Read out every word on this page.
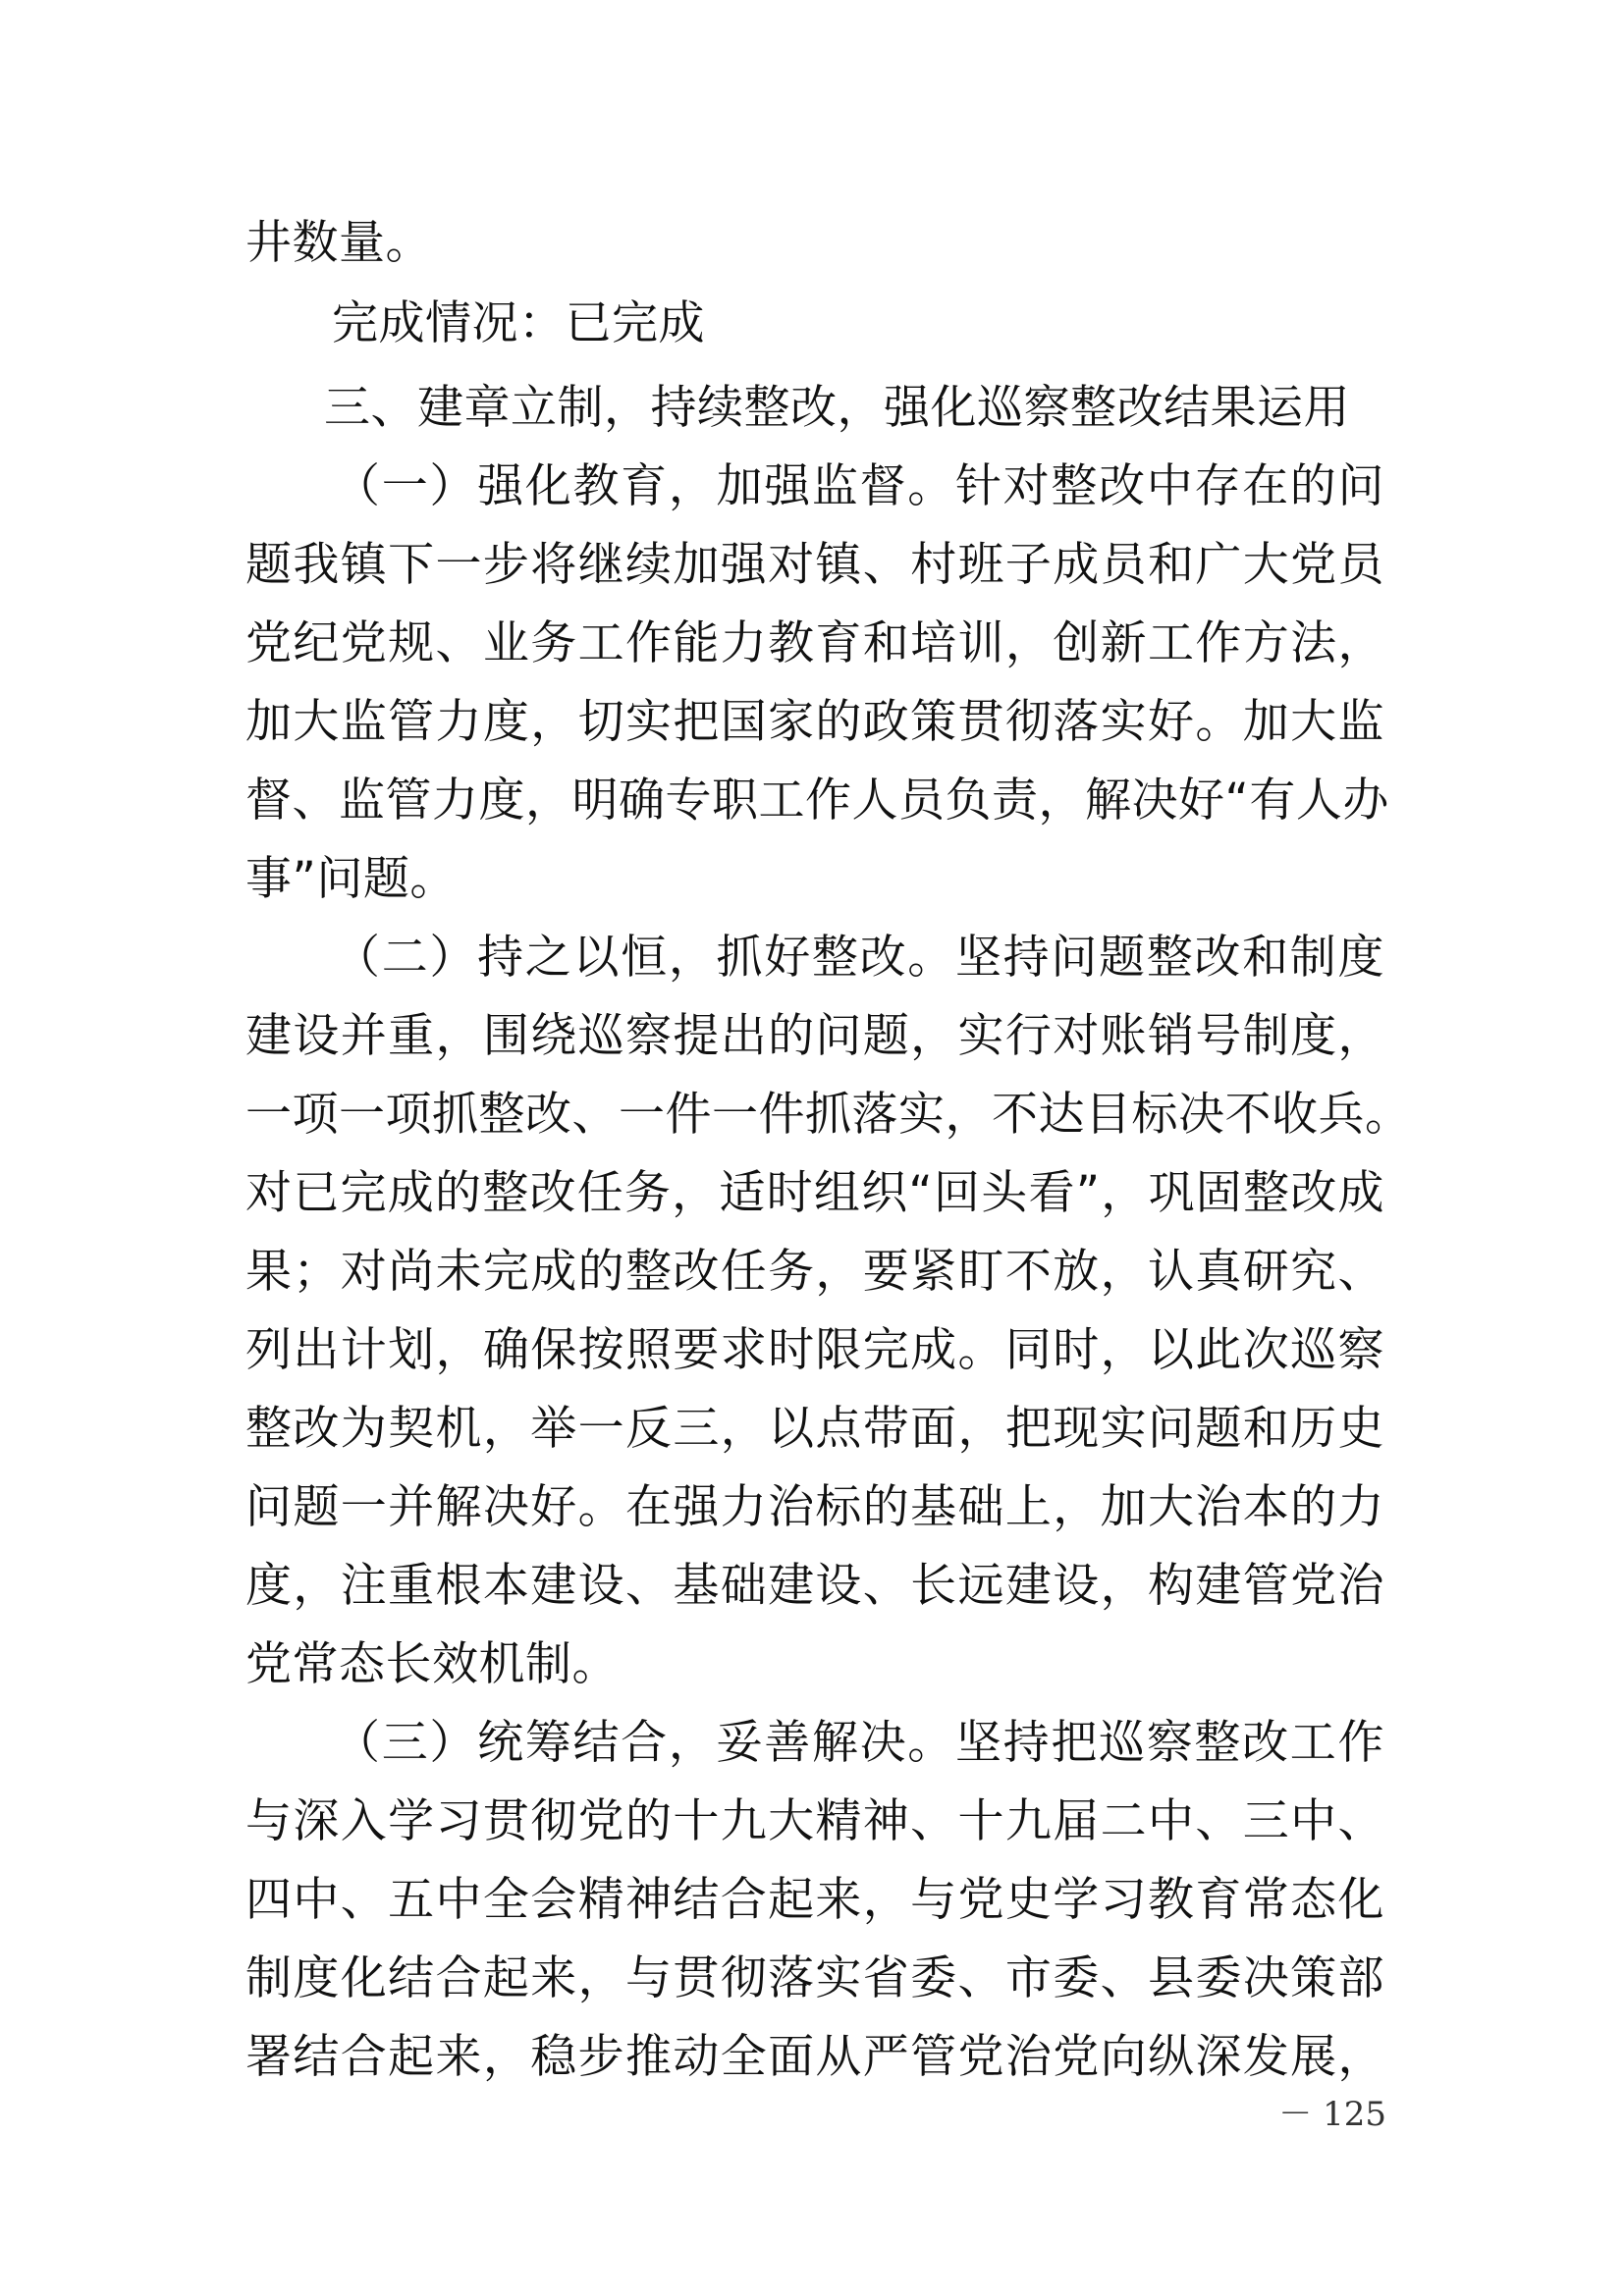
井数量。
完成情况：已完成
三、建章立制，持续整改，强化巡察整改结果运用
（一）强化教育，加强监督。针对整改中存在的问
题我镇下一步将继续加强对镇、村班子成员和广大党员
党纪党规、业务工作能力教育和培训，创新工作方法，
加大监管力度，切实把国家的政策贯彻落实好。加大监
督、监管力度，明确专职工作人员负责，解决好“有人办
事”问题。
（二）持之以恒，抓好整改。坚持问题整改和制度
建设并重，围绕巡察提出的问题，实行对账销号制度，
一项一项抓整改、一件一件抓落实，不达目标决不收兵。
对已完成的整改任务，适时组织“回头看”，巩固整改成
果；对尚未完成的整改任务，要紧盯不放，认真研究、
列出计划，确保按照要求时限完成。同时，以此次巡察
整改为契机，举一反三，以点带面，把现实问题和历史
问题一并解决好。在强力治标的基础上，加大治本的力
度，注重根本建设、基础建设、长远建设，构建管党治
党常态长效机制。
（三）统筹结合，妥善解决。坚持把巡察整改工作
与深入学习贯彻党的十九大精神、十九届二中、三中、
四中、五中全会精神结合起来，与党史学习教育常态化
制度化结合起来，与贯彻落实省委、市委、县委决策部
署结合起来，稳步推动全面从严管党治党向纵深发展，
－ 125
